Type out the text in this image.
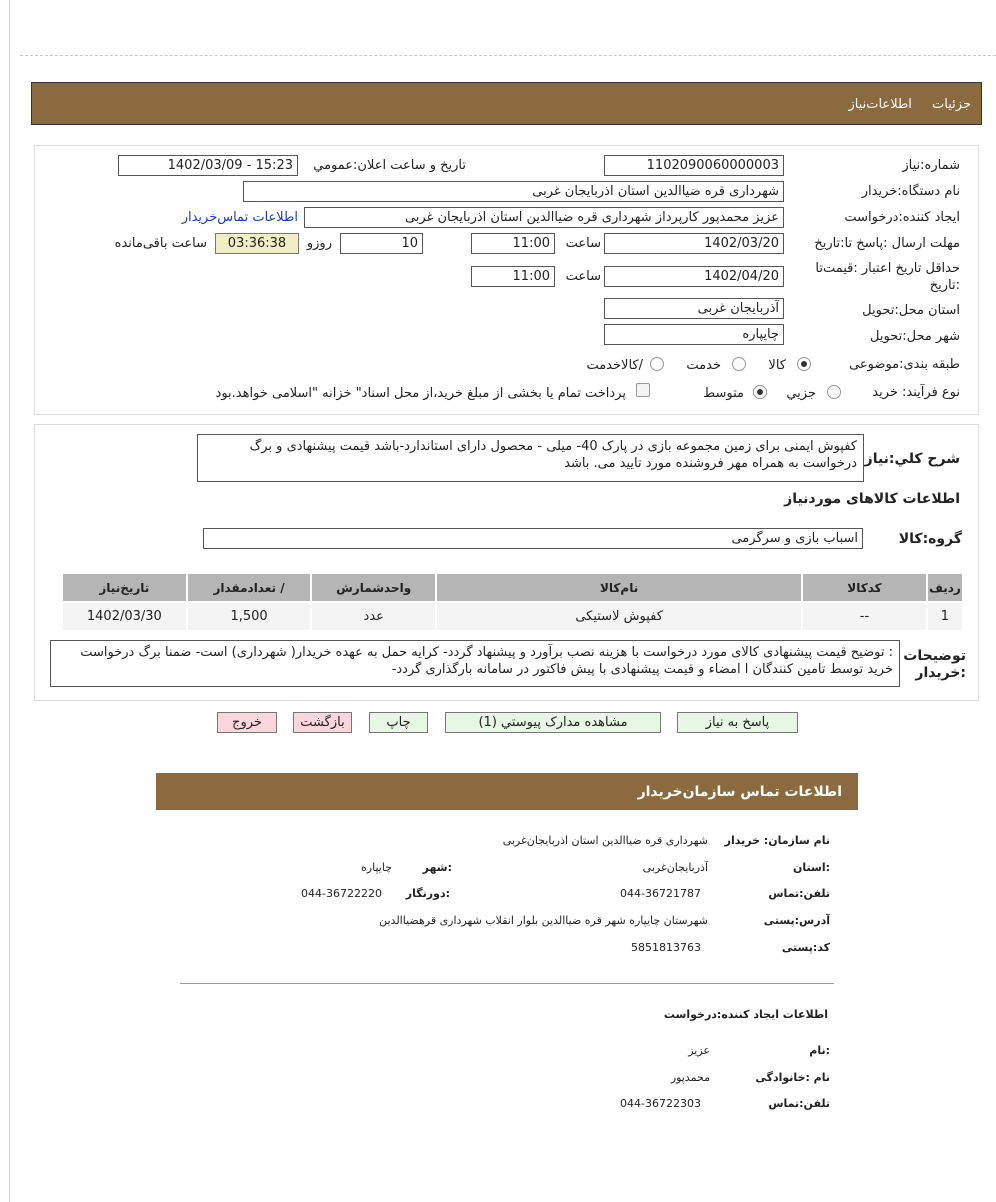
جزئیات اطلاعات‌نیاز
شماره‌:نیاز
1102090060000003
تاریخ و ساعت اعلان:عمومي
1402/03/09 - 15:23
نام دستگاه:خریدار
شهرداری قره ضیاالدین استان اذربایجان غربی
ایجاد کننده:درخواست
عزیز محمدپور کارپرداز شهرداری قره ضیاالدین استان اذربایجان غربی
اطلاعات تماس‌خریدار
مهلت ارسال :پاسخ تا:تاریخ
1402/03/20
ساعت
11:00
روزو	10
03:36:38
ساعت باقی‌مانده
حداقل تاریخ اعتبار :قیمت‌تا
:تاریخ
1402/04/20
ساعت
11:00
استان محل:تحویل
آذربایجان غربی
شهر محل:تحویل
چایپاره
طبقه بندی:موضوعی
کالا
خدمت
/کالاخدمت
نوع فرآیند: خرید
جزیي
متوسط
پرداخت تمام یا بخشی از مبلغ خرید،از محل اسناد" خزانه "اسلامی خواهد.بود
شرح کلي:نیاز
کفپوش ایمنی برای زمین مجموعه بازی در پارک 40- میلی - محصول دارای استاندارد-باشد قیمت پیشنهادی و برگ درخواست به همراه مهر فروشنده مورد تایید می. باشد
اطلاعات کالاهای موردنیاز
گروه:کالا
اسباب بازی و سرگرمی
ردیف	کدکالا	نام‌کالا	واحدشمارش	/ تعدادمقدار	تاریخ‌نیاز
1	--	کفپوش لاستیکی	عدد	1,500	1402/03/30
توضیحات :خریدار
: توضیح قیمت پیشنهادی کالای مورد درخواست با هزینه نصب برآورد و پیشنهاد گردد- کرایه حمل به عهده خریدار( شهرداری) است- ضمنا برگ درخواست خرید توسط تامین کنندگان ا امضاء و قیمت پیشنهادی با پیش فاکتور در سامانه بارگذاری گردد-
پاسخ به نیاز
مشاهده مدارک پیوستي (1)
چاپ
بازگشت
خروج
اطلاعات تماس سازمان‌خریدار
نام سازمان: خریدار
شهرداری قره ضیاالدین استان اذربایجان‌غربی
:استان
آذربایجان‌غربی
:شهر
چایپاره
تلفن:تماس
044-36721787
:دورنگار
044-36722220
آدرس:پستی
شهرستان چایپاره شهر قره ضیاالدین بلوار انقلاب شهرداری قرهضیاالدین
کد:پستی
5851813763
اطلاعات ایجاد کننده:درخواست
:نام
عزیز
نام :خانوادگی
محمدپور
تلفن:تماس
044-36722303
